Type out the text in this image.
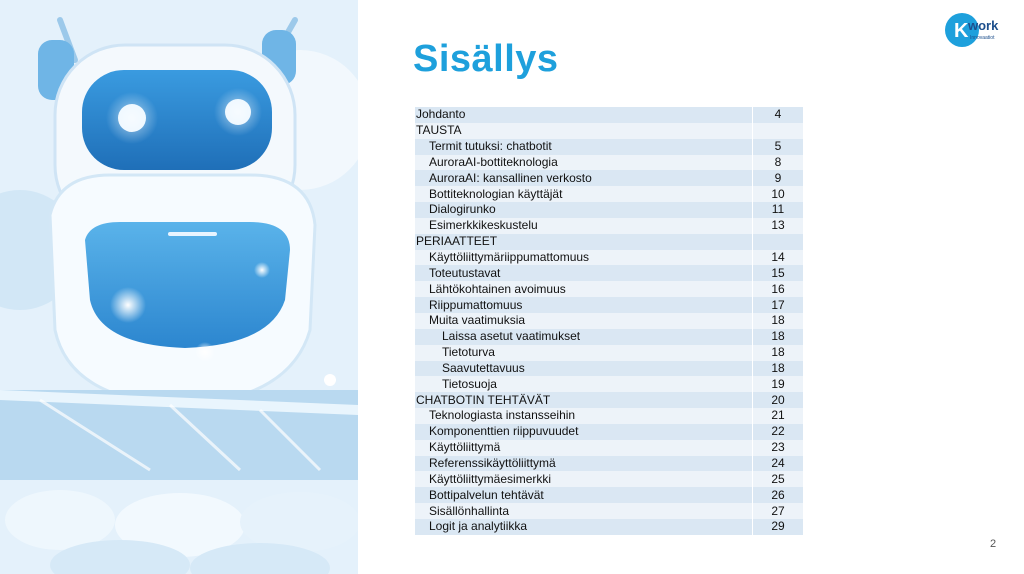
Sisällys
K work
Innovaatiot
Johdanto	4
TAUSTA	
Termit tutuksi: chatbotit	5
AuroraAI-bottiteknologia	8
AuroraAI: kansallinen verkosto	9
Bottiteknologian käyttäjät	10
Dialogirunko	11
Esimerkkikeskustelu	13
PERIAATTEET	
Käyttöliittymäriippumattomuus	14
Toteutustavat	15
Lähtökohtainen avoimuus	16
Riippumattomuus	17
Muita vaatimuksia	18
Laissa asetut vaatimukset	18
Tietoturva	18
Saavutettavuus	18
Tietosuoja	19
CHATBOTIN TEHTÄVÄT	20
Teknologiasta instansseihin	21
Komponenttien riippuvuudet	22
Käyttöliittymä	23
Referenssikäyttöliittymä	24
Käyttöliittymäesimerkki	25
Bottipalvelun tehtävät	26
Sisällönhallinta	27
Logit ja analytiikka	29
2
